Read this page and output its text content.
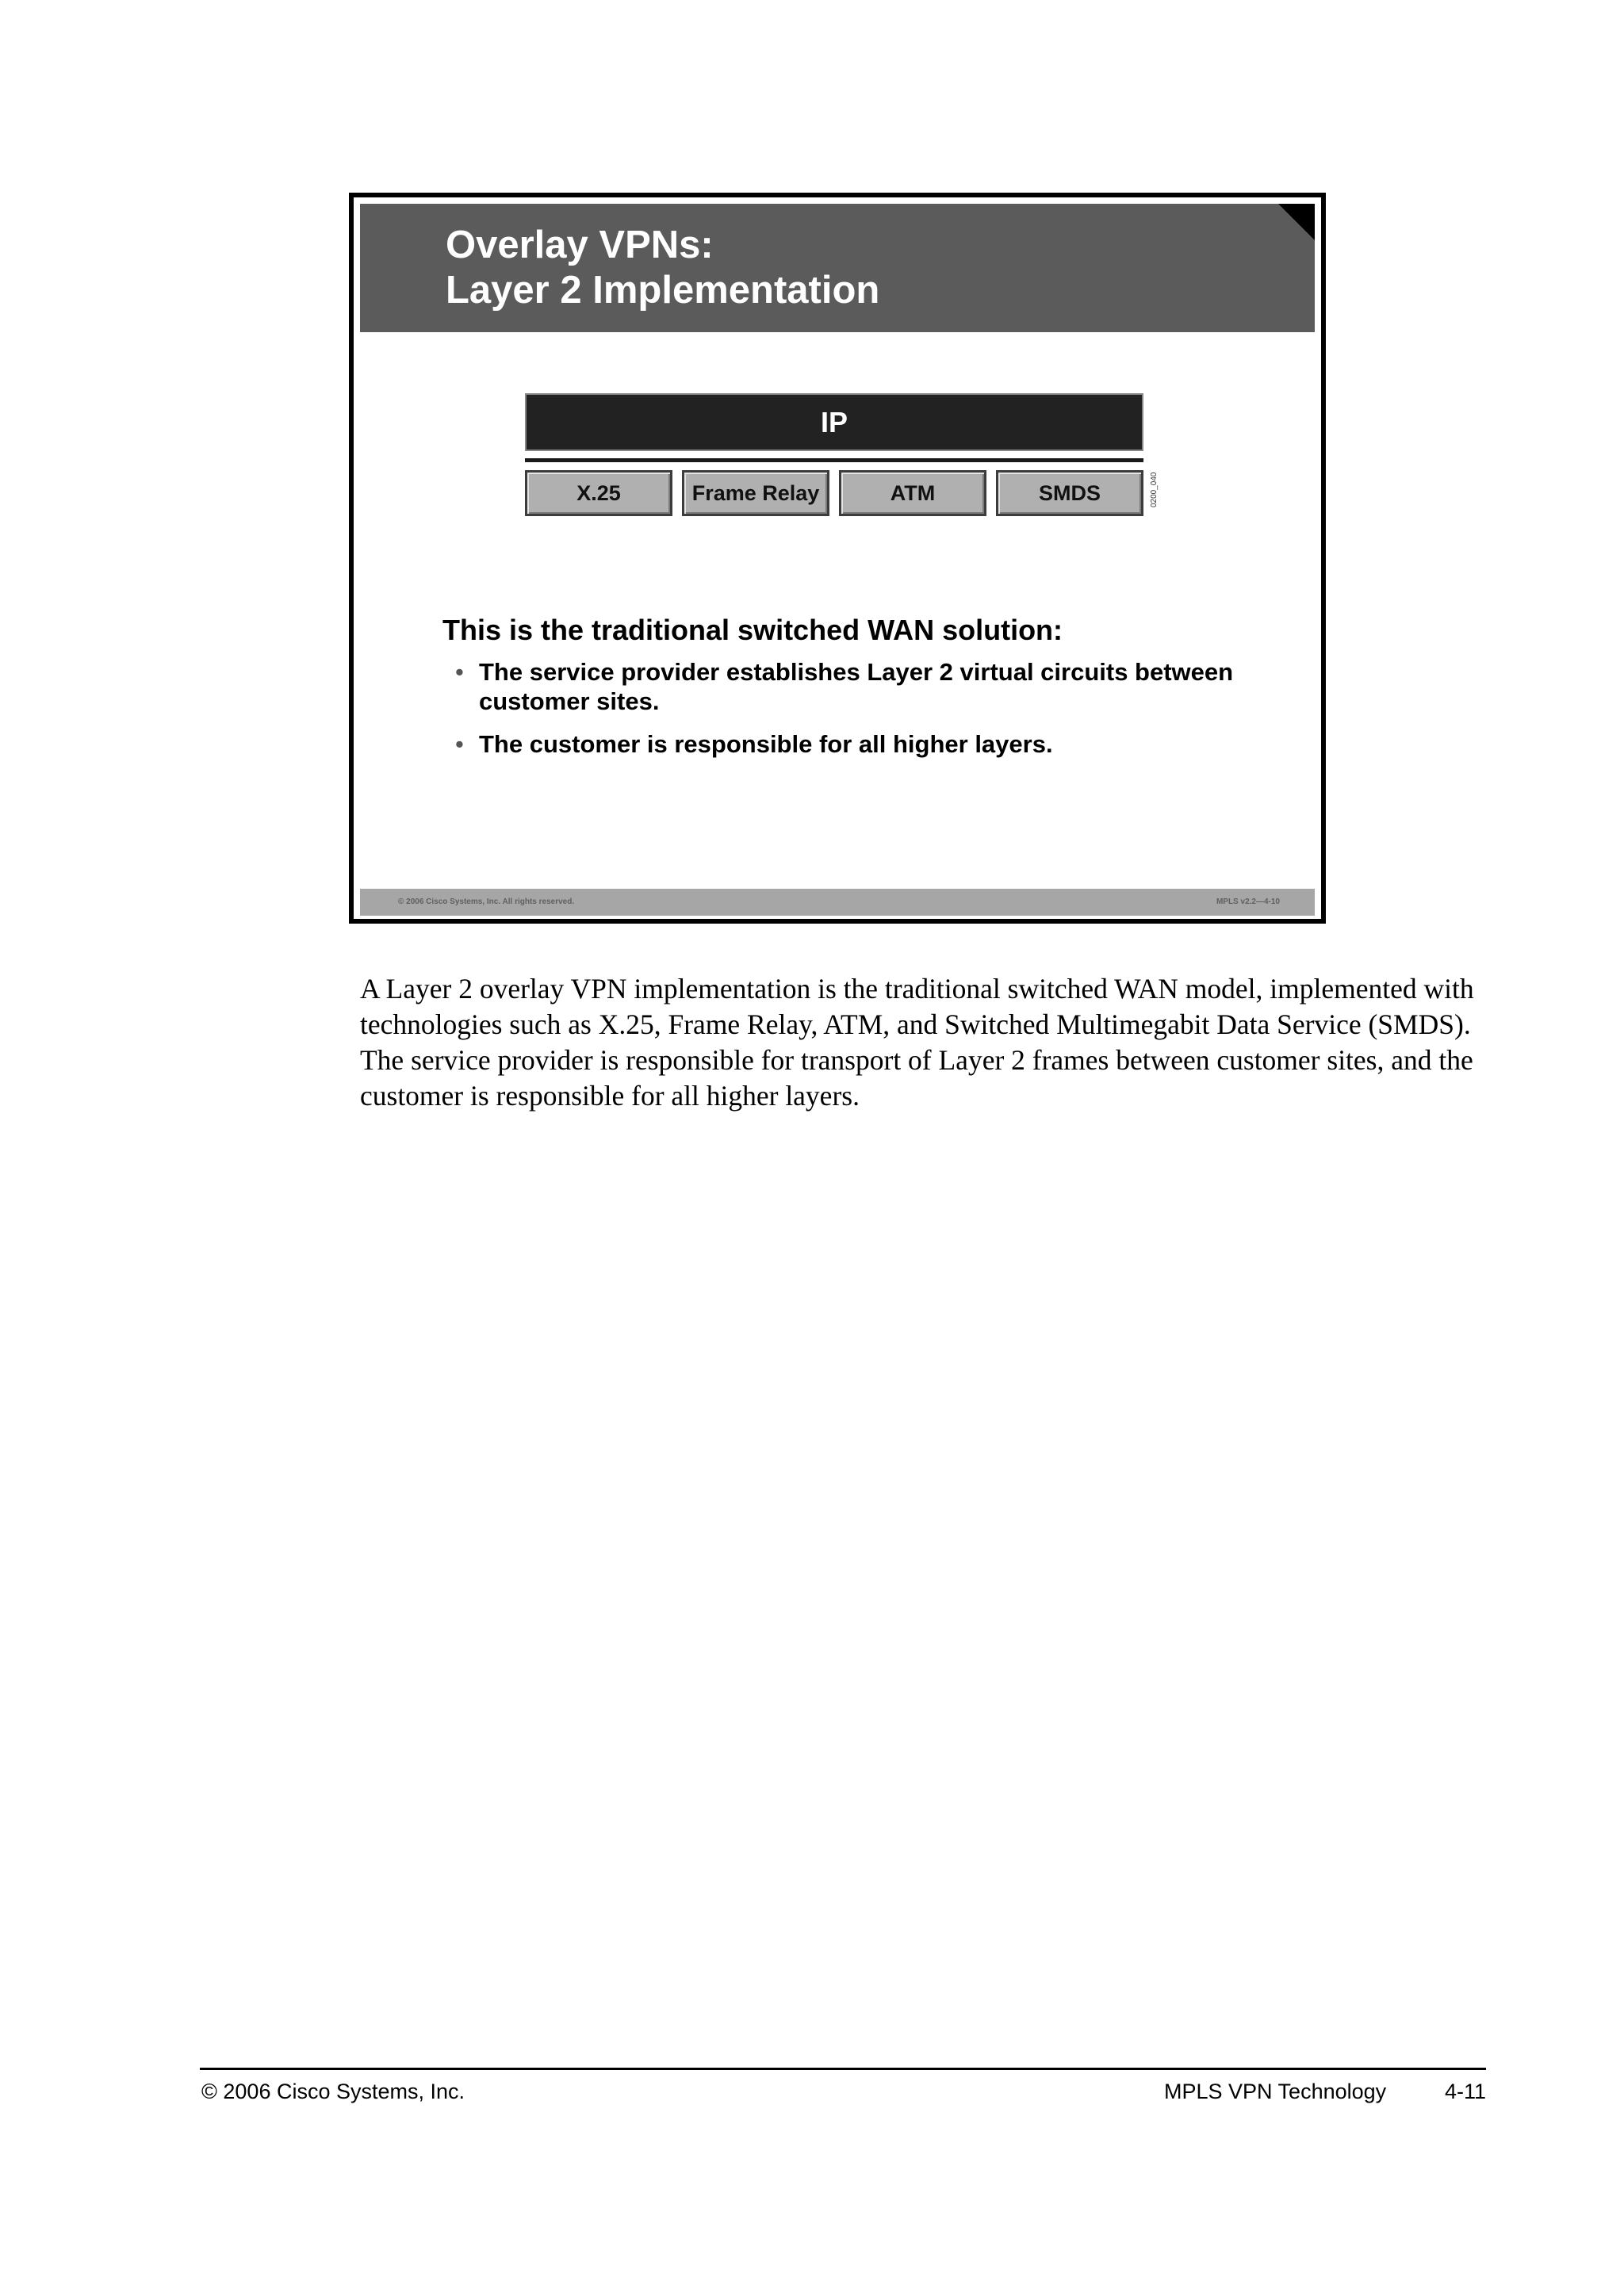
Overlay VPNs:
Layer 2 Implementation
IP
X.25	Frame Relay	ATM	SMDS	0200_040
This is the traditional switched WAN solution:
• The service provider establishes Layer 2 virtual circuits between customer sites.
• The customer is responsible for all higher layers.
© 2006 Cisco Systems, Inc. All rights reserved.	MPLS v2.2—4-10

A Layer 2 overlay VPN implementation is the traditional switched WAN model, implemented with technologies such as X.25, Frame Relay, ATM, and Switched Multimegabit Data Service (SMDS). The service provider is responsible for transport of Layer 2 frames between customer sites, and the customer is responsible for all higher layers.

© 2006 Cisco Systems, Inc.	MPLS VPN Technology	4-11
